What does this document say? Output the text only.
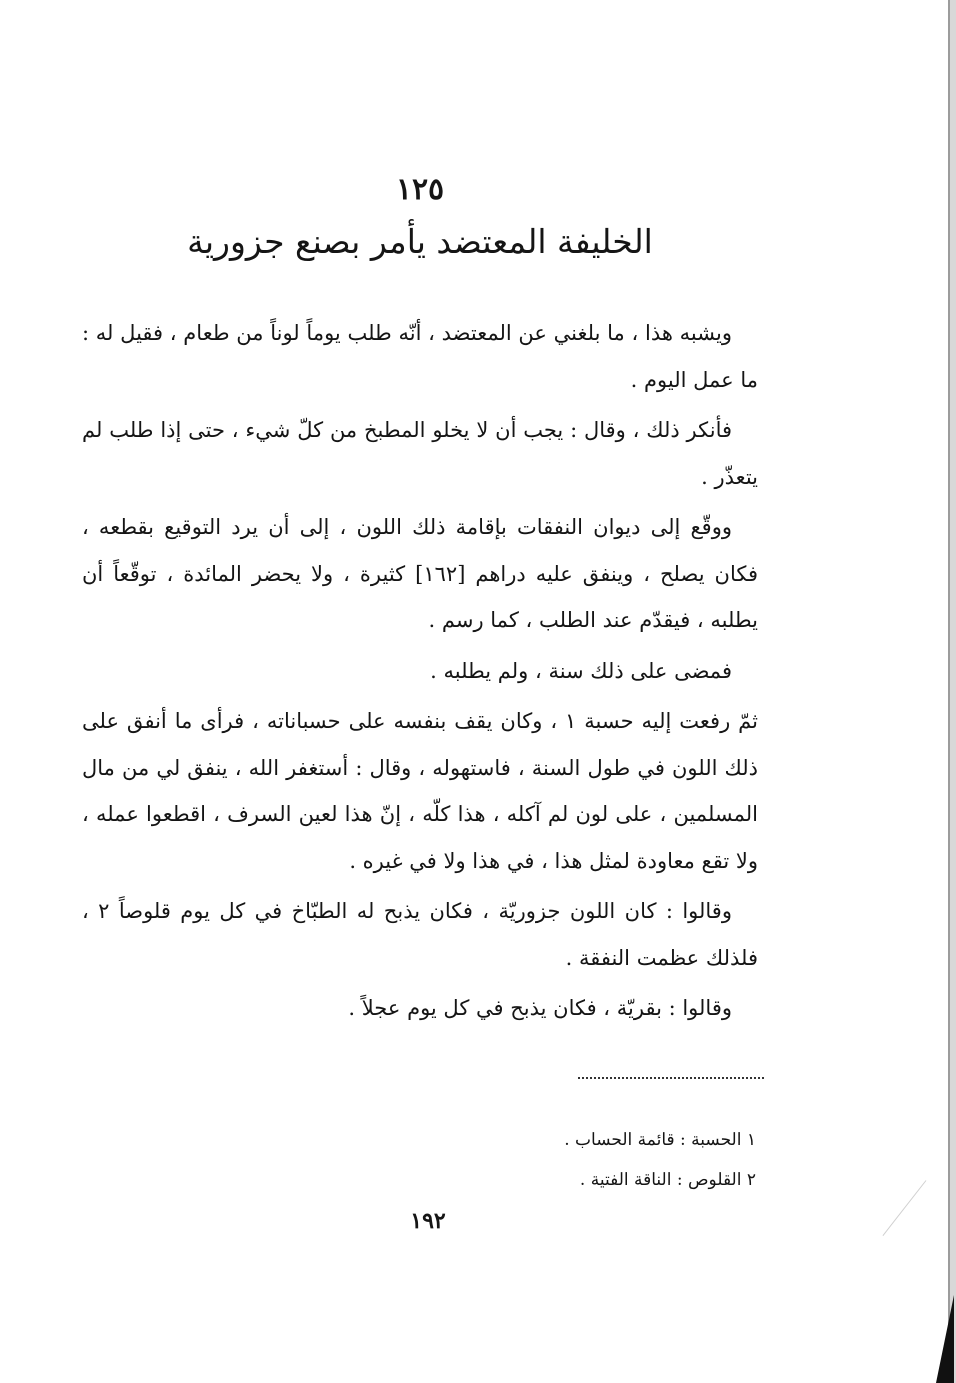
١٢٥
الخليفة المعتضد يأمر بصنع جزورية

ويشبه هذا ، ما بلغني عن المعتضد ، أنّه طلب يوماً لوناً من طعام ، فقيل له : ما عمل اليوم .

فأنكر ذلك ، وقال : يجب أن لا يخلو المطبخ من كلّ شيء ، حتى إذا طلب لم يتعذّر .

ووقّع إلى ديوان النفقات بإقامة ذلك اللون ، إلى أن يرد التوقيع بقطعه ، فكان يصلح ، وينفق عليه دراهم [١٦٢] كثيرة ، ولا يحضر المائدة ، توقّعاً أن يطلبه ، فيقدّم عند الطلب ، كما رسم .

فمضى على ذلك سنة ، ولم يطلبه .

ثمّ رفعت إليه حسبة ١ ، وكان يقف بنفسه على حسباناته ، فرأى ما أنفق على ذلك اللون في طول السنة ، فاستهوله ، وقال : أستغفر الله ، ينفق لي من مال المسلمين ، على لون لم آكله ، هذا كلّه ، إنّ هذا لعين السرف ، اقطعوا عمله ، ولا تقع معاودة لمثل هذا ، في هذا ولا في غيره .

وقالوا : كان اللون جزوريّة ، فكان يذبح له الطبّاخ في كل يوم قلوصاً ٢ ، فلذلك عظمت النفقة .

وقالوا : بقريّة ، فكان يذبح في كل يوم عجلاً .

١ الحسبة : قائمة الحساب .

٢ القلوص : الناقة الفتية .

١٩٢
